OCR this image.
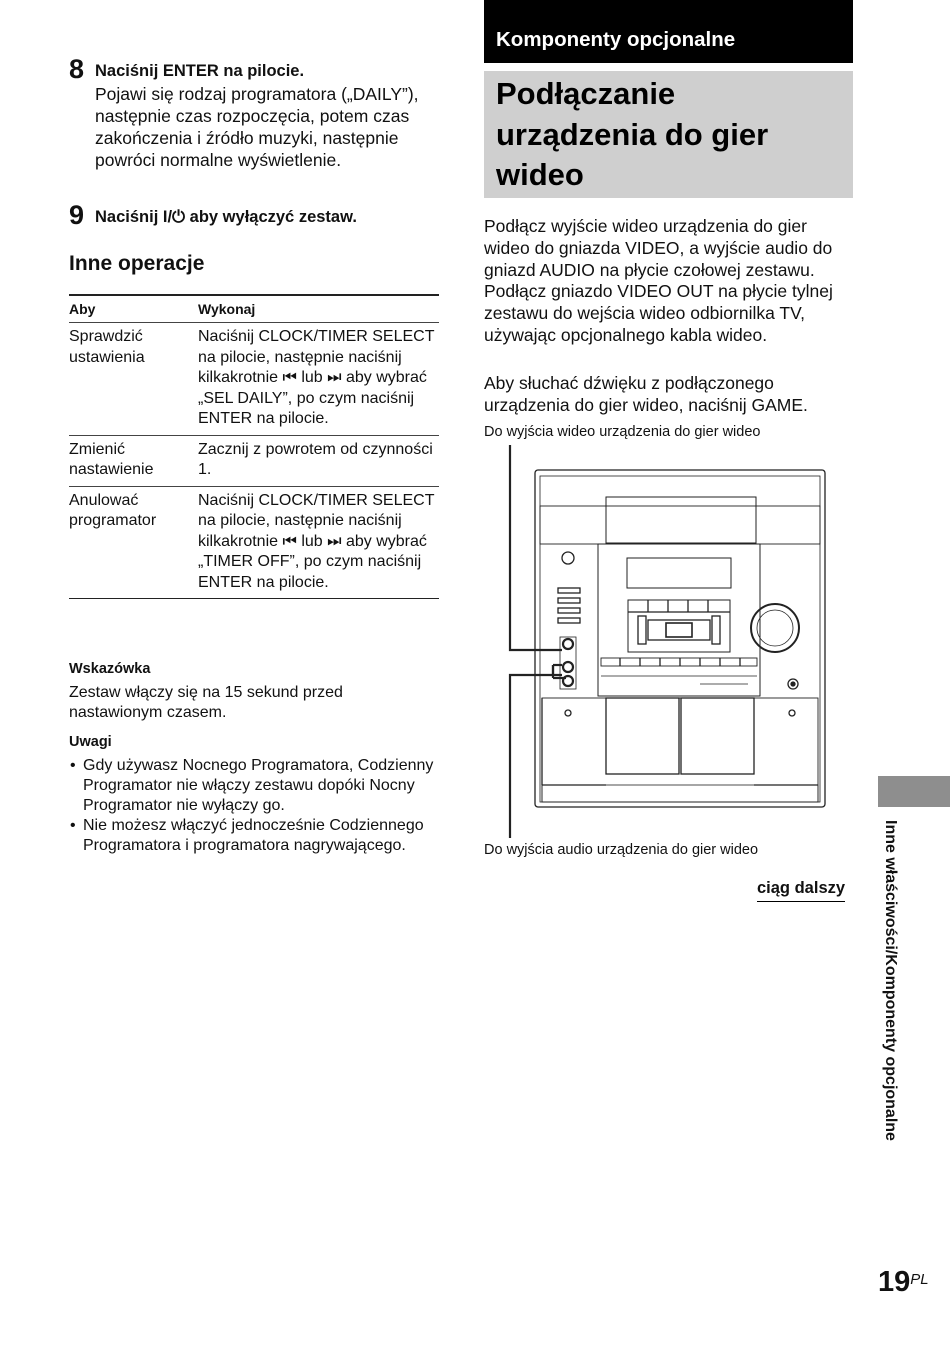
8 Naciśnij ENTER na pilocie.
Pojawi się rodzaj programatora („DAILY”), następnie czas rozpoczęcia, potem czas zakończenia i źródło muzyki, następnie powróci normalne wyświetlenie.
9 Naciśnij I/⏻ aby wyłączyć zestaw.
Inne operacje
Aby	Wykonaj
Sprawdzić ustawienia
Naciśnij CLOCK/TIMER SELECT na pilocie, następnie naciśnij kilkakrotnie ⏮ lub ⏭ aby wybrać „SEL DAILY”, po czym naciśnij ENTER na pilocie.
Zmienić nastawienie
Zacznij z powrotem od czynności 1.
Anulować programator
Naciśnij CLOCK/TIMER SELECT na pilocie, następnie naciśnij kilkakrotnie ⏮ lub ⏭ aby wybrać „TIMER OFF”, po czym naciśnij ENTER na pilocie.
Wskazówka
Zestaw włączy się na 15 sekund przed nastawionym czasem.
Uwagi
• Gdy używasz Nocnego Programatora, Codzienny Programator nie włączy zestawu dopóki Nocny Programator nie wyłączy go.
• Nie możesz włączyć jednocześnie Codziennego Programatora i programatora nagrywającego.
Komponenty opcjonalne
Podłączanie urządzenia do gier wideo
Podłącz wyjście wideo urządzenia do gier wideo do gniazda VIDEO, a wyjście audio do gniazd AUDIO na płycie czołowej zestawu. Podłącz gniazdo VIDEO OUT na płycie tylnej zestawu do wejścia wideo odbiornilka TV, używając opcjonalnego kabla wideo.
Aby słuchać dźwięku z podłączonego urządzenia do gier wideo, naciśnij GAME.
Do wyjścia wideo urządzenia do gier wideo
Do wyjścia audio urządzenia do gier wideo
ciąg dalszy Inne właściwości/Komponenty opcjonalne
$19^{PL}$
